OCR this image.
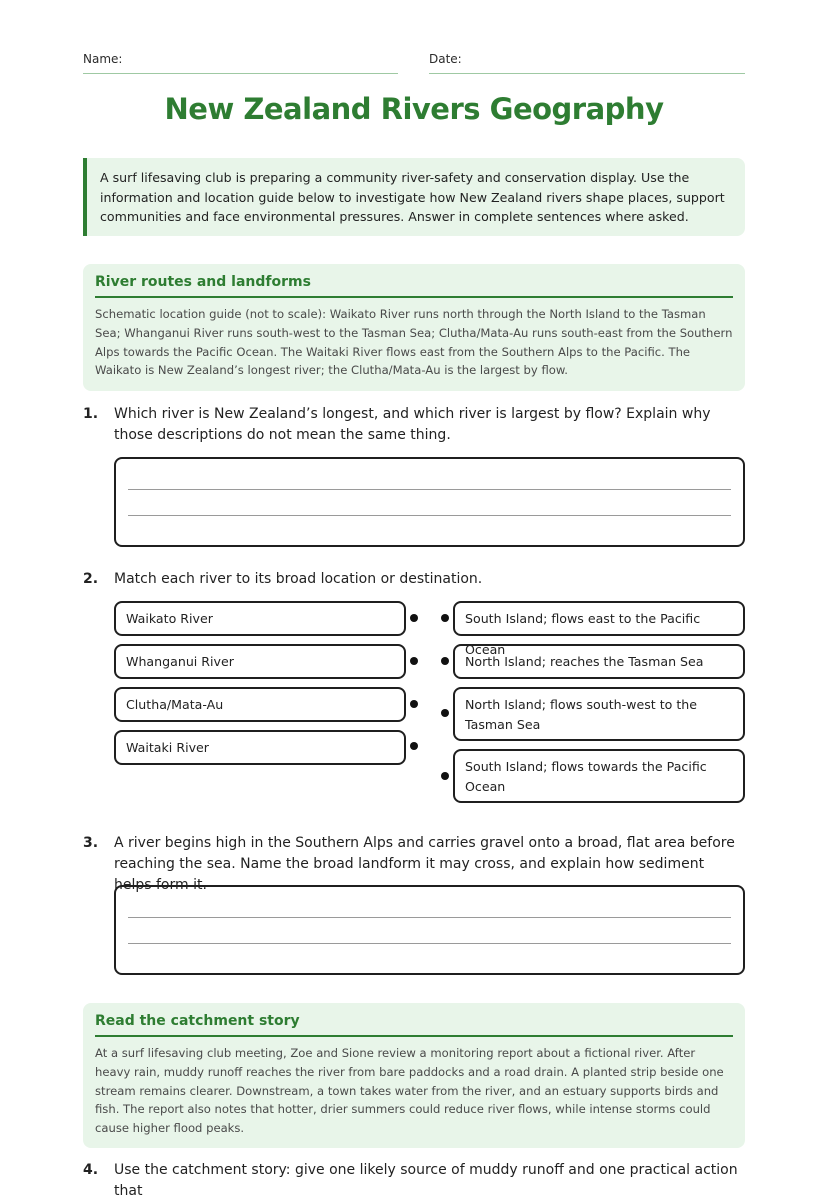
Name:	Date:
New Zealand Rivers Geography
A surf lifesaving club is preparing a community river-safety and conservation display. Use the information and location guide below to investigate how New Zealand rivers shape places, support communities and face environmental pressures. Answer in complete sentences where asked.
River routes and landforms

Schematic location guide (not to scale): Waikato River runs north through the North Island to the Tasman Sea; Whanganui River runs south-west to the Tasman Sea; Clutha/Mata-Au runs south-east from the Southern Alps towards the Pacific Ocean. The Waitaki River flows east from the Southern Alps to the Pacific. The Waikato is New Zealand’s longest river; the Clutha/Mata-Au is the largest by flow.

1. Which river is New Zealand’s longest, and which river is largest by flow? Explain why those descriptions do not mean the same thing.
2. Match each river to its broad location or destination.
Waikato River
Whanganui River
Clutha/Mata-Au
Waitaki River
South Island; flows east to the Pacific Ocean
North Island; reaches the Tasman Sea
North Island; flows south-west to the Tasman Sea
South Island; flows towards the Pacific Ocean
3. A river begins high in the Southern Alps and carries gravel onto a broad, flat area before reaching the sea. Name the broad landform it may cross, and explain how sediment helps form it.
Read the catchment story

At a surf lifesaving club meeting, Zoe and Sione review a monitoring report about a fictional river. After heavy rain, muddy runoff reaches the river from bare paddocks and a road drain. A planted strip beside one stream remains clearer. Downstream, a town takes water from the river, and an estuary supports birds and fish. The report also notes that hotter, drier summers could reduce river flows, while intense storms could cause higher flood peaks.

4. Use the catchment story: give one likely source of muddy runoff and one practical action that
